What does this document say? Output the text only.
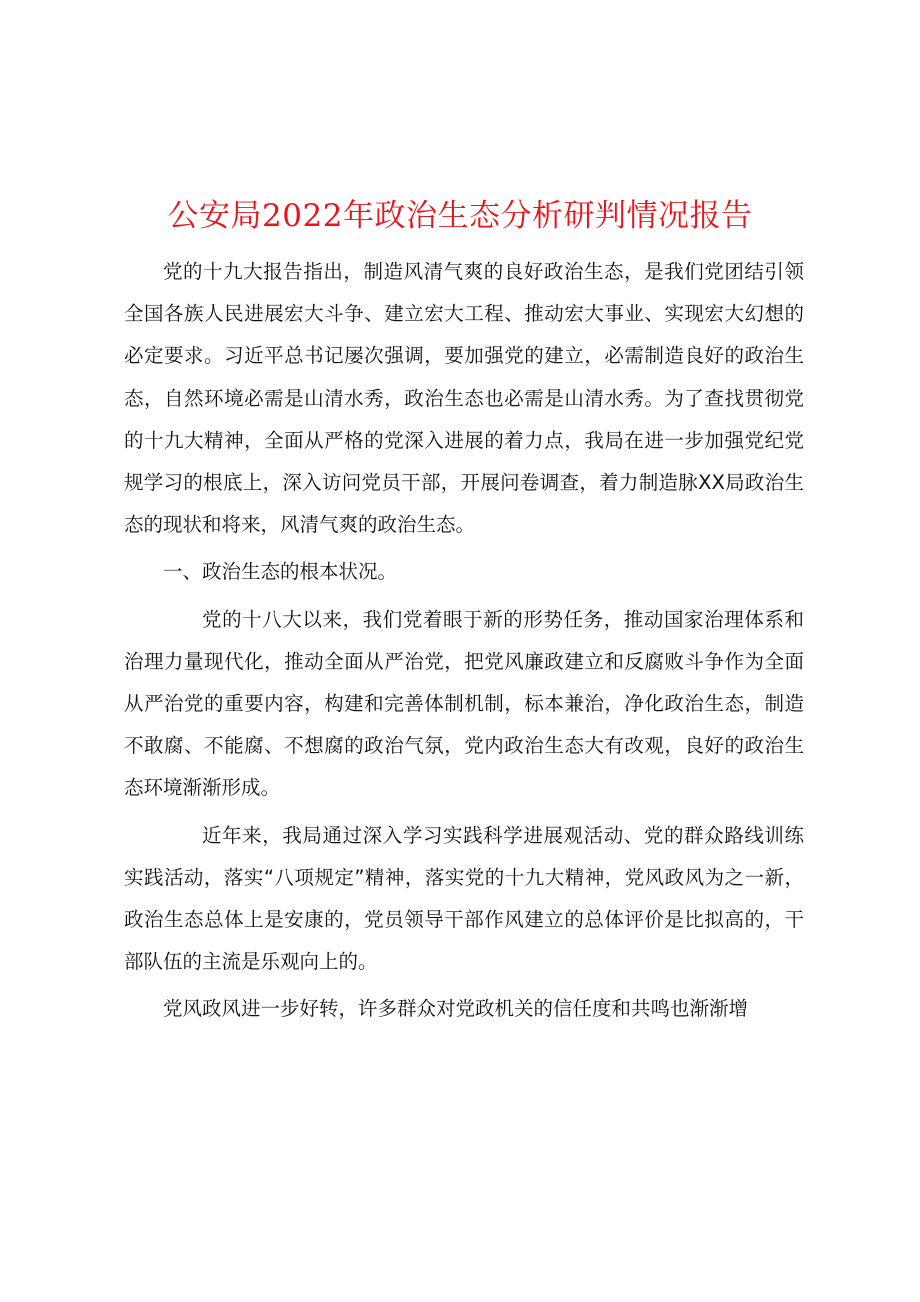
公安局2022年政治生态分析研判情况报告

党的十九大报告指出，制造风清气爽的良好政治生态，是我们党团结引领全国各族人民进展宏大斗争、建立宏大工程、推动宏大事业、实现宏大幻想的必定要求。习近平总书记屡次强调，要加强党的建立，必需制造良好的政治生态，自然环境必需是山清水秀，政治生态也必需是山清水秀。为了查找贯彻党的十九大精神，全面从严格的党深入进展的着力点，我局在进一步加强党纪党规学习的根底上，深入访问党员干部，开展问卷调查，着力制造脉XX局政治生态的现状和将来，风清气爽的政治生态。

一、政治生态的根本状况。

党的十八大以来，我们党着眼于新的形势任务，推动国家治理体系和治理力量现代化，推动全面从严治党，把党风廉政建立和反腐败斗争作为全面从严治党的重要内容，构建和完善体制机制，标本兼治，净化政治生态，制造不敢腐、不能腐、不想腐的政治气氛，党内政治生态大有改观，良好的政治生态环境渐渐形成。

近年来，我局通过深入学习实践科学进展观活动、党的群众路线训练实践活动，落实“八项规定”精神，落实党的十九大精神，党风政风为之一新，政治生态总体上是安康的，党员领导干部作风建立的总体评价是比拟高的，干部队伍的主流是乐观向上的。

党风政风进一步好转，许多群众对党政机关的信任度和共鸣也渐渐增
